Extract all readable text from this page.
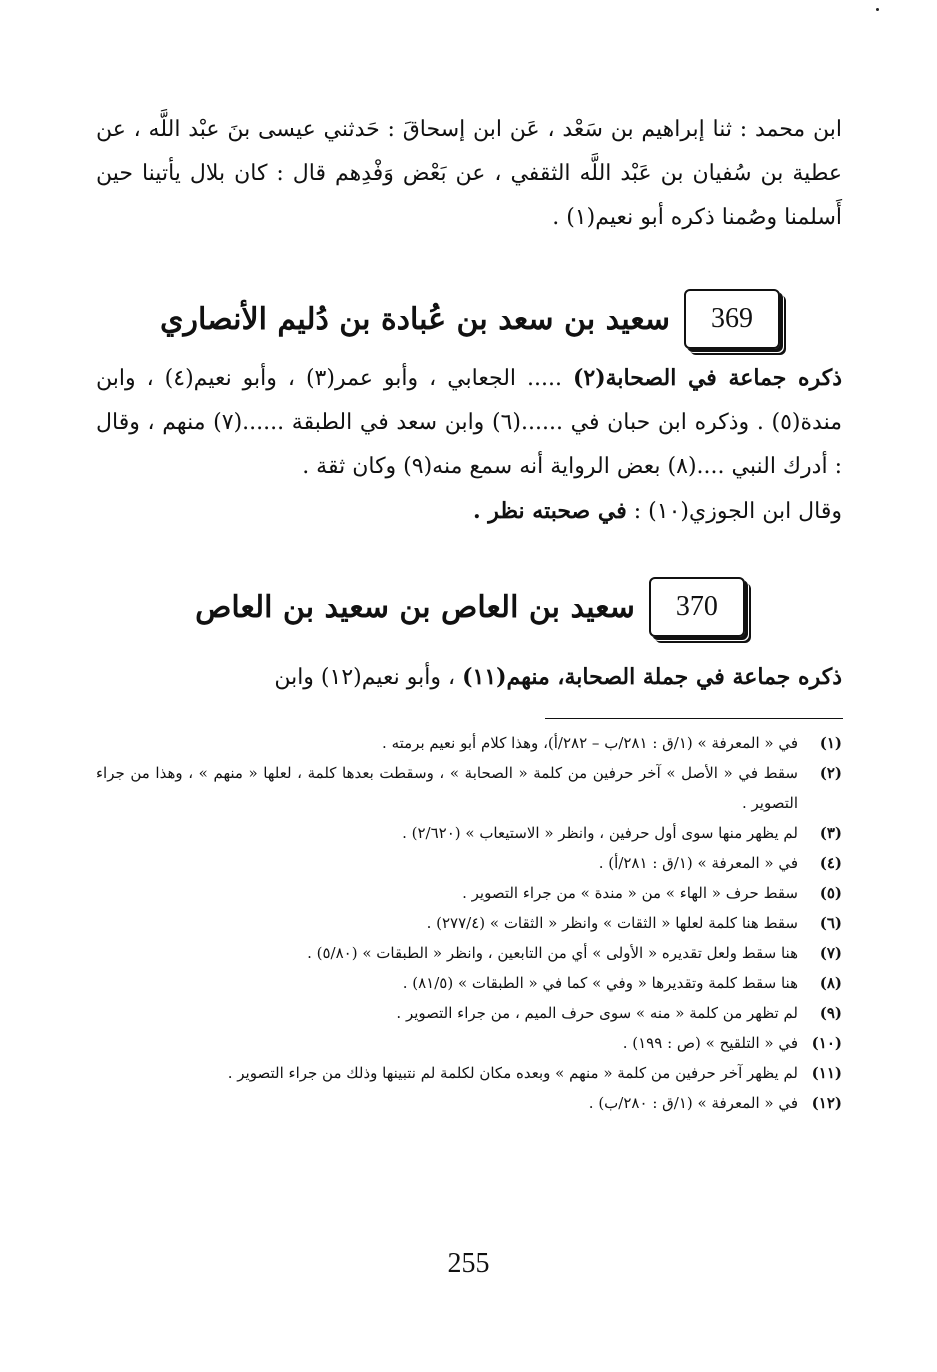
ابن محمد : ثنا إبراهيم بن سَعْد ، عَن ابن إسحاقَ : حَدثني عيسى بنَ عبْد اللَّه ، عن عطية بن سُفيان بن عَبْد اللَّه الثقفي ، عن بَعْض وَفْدِهم قال : كان بلال يأتينا حين أَسلمنا وصُمنا ذكره أبو نعيم(١) .

369
سعيد بن سعد بن عُبادة بن دُليم الأنصاري

ذكره جماعة في الصحابة(٢) ..... الجعابي ، وأبو عمر(٣) ، وأبو نعيم(٤) ، وابن مندة(٥) . وذكره ابن حبان في ......(٦) وابن سعد في الطبقة ......(٧) منهم ، وقال : أدرك النبي ....(٨) بعض الرواية أنه سمع منه(٩) وكان ثقة .
وقال ابن الجوزي(١٠) : في صحبته نظر .

370
سعيد بن العاص بن سعيد بن العاص

ذكره جماعة في جملة الصحابة، منهم(١١) ، وأبو نعيم(١٢) وابن

(١)
في « المعرفة » (١/ق : ٢٨١/ب – ٢٨٢/أ)، وهذا كلام أبو نعيم برمته .
(٢)
سقط في « الأصل » آخر حرفين من كلمة « الصحابة » ، وسقطت بعدها كلمة ، لعلها « منهم » ، وهذا من جراء التصوير .
(٣)
لم يظهر منها سوى أول حرفين ، وانظر « الاستيعاب » (٢/٦٢٠) .
(٤)
في « المعرفة » (١/ق : ٢٨١/أ) .
(٥)
سقط حرف « الهاء » من « مندة » من جراء التصوير .
(٦)
سقط هنا كلمة لعلها « الثقات » وانظر « الثقات » (٢٧٧/٤) .
(٧)
هنا سقط ولعل تقديره « الأولى » أي من التابعين ، وانظر « الطبقات » (٥/٨٠) .
(٨)
هنا سقط كلمة وتقديرها « وفي » كما في « الطبقات » (٨١/٥) .
(٩)
لم تظهر من كلمة « منه » سوى حرف الميم ، من جراء التصوير .
(١٠)
في « التلقيح » (ص : ١٩٩) .
(١١)
لم يظهر آخر حرفين من كلمة « منهم » وبعده مكان لكلمة لم نتبينها وذلك من جراء التصوير .
(١٢)
في « المعرفة » (١/ق : ٢٨٠/ب) .
255
